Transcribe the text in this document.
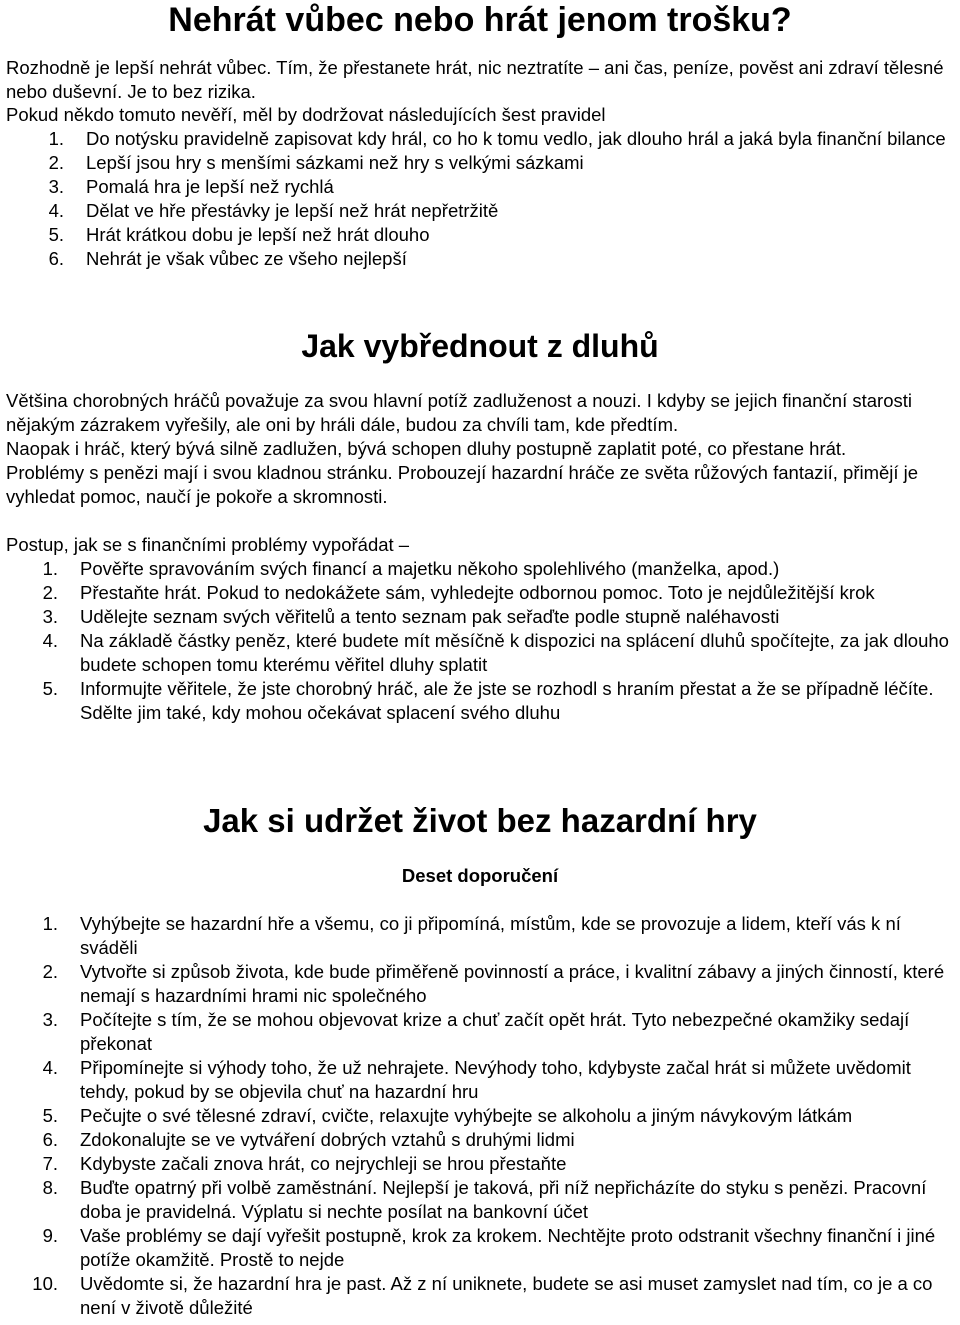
Nehrát vůbec nebo hrát jenom trošku?

Rozhodně je lepší nehrát vůbec. Tím, že přestanete hrát, nic neztratíte – ani čas, peníze, pověst ani zdraví tělesné nebo duševní. Je to bez rizika.

Pokud někdo tomuto nevěří, měl by dodržovat následujících šest pravidel

1. Do notýsku pravidelně zapisovat kdy hrál, co ho k tomu vedlo, jak dlouho hrál a jaká byla finanční bilance
2. Lepší jsou hry s menšími sázkami než hry s velkými sázkami
3. Pomalá hra je lepší než rychlá
4. Dělat ve hře přestávky je lepší než hrát nepřetržitě
5. Hrát krátkou dobu je lepší než hrát dlouho
6. Nehrát je však vůbec ze všeho nejlepší
Jak vybřednout z dluhů

Většina chorobných hráčů považuje za svou hlavní potíž zadluženost a nouzi. I kdyby se jejich finanční starosti nějakým zázrakem vyřešily, ale oni by hráli dále, budou za chvíli tam, kde předtím.

Naopak i hráč, který bývá silně zadlužen, bývá schopen dluhy postupně zaplatit poté, co přestane hrát.

Problémy s penězi mají i svou kladnou stránku. Probouzejí hazardní hráče ze světa růžových fantazií, přimějí je vyhledat pomoc, naučí je pokoře a skromnosti.

Postup, jak se s finančními problémy vypořádat –

1. Pověřte spravováním svých financí a majetku někoho spolehlivého (manželka, apod.)
2. Přestaňte hrát. Pokud to nedokážete sám, vyhledejte odbornou pomoc. Toto je nejdůležitější krok
3. Udělejte seznam svých věřitelů a tento seznam pak seřaďte podle stupně naléhavosti
4. Na základě částky peněz, které budete mít měsíčně k dispozici na splácení dluhů spočítejte, za jak dlouho budete schopen tomu kterému věřitel dluhy splatit
5. Informujte věřitele, že jste chorobný hráč, ale že jste se rozhodl s hraním přestat a že se případně léčíte. Sdělte jim také, kdy mohou očekávat splacení svého dluhu
Jak si udržet život bez hazardní hry
Deset doporučení
1. Vyhýbejte se hazardní hře a všemu, co ji připomíná, místům, kde se provozuje a lidem, kteří vás k ní sváděli
2. Vytvořte si způsob života, kde bude přiměřeně povinností a práce, i kvalitní zábavy a jiných činností, které nemají s hazardními hrami nic společného
3. Počítejte s tím, že se mohou objevovat krize a chuť začít opět hrát. Tyto nebezpečné okamžiky sedají překonat
4. Připomínejte si výhody toho, že už nehrajete. Nevýhody toho, kdybyste začal hrát si můžete uvědomit tehdy, pokud by se objevila chuť na hazardní hru
5. Pečujte o své tělesné zdraví, cvičte, relaxujte vyhýbejte se alkoholu a jiným návykovým látkám
6. Zdokonalujte se ve vytváření dobrých vztahů s druhými lidmi
7. Kdybyste začali znova hrát, co nejrychleji se hrou přestaňte
8. Buďte opatrný při volbě zaměstnání. Nejlepší je taková, při níž nepřicházíte do styku s penězi. Pracovní doba je pravidelná. Výplatu si nechte posílat na bankovní účet
9. Vaše problémy se dají vyřešit postupně, krok za krokem. Nechtějte proto odstranit všechny finanční i jiné potíže okamžitě. Prostě to nejde
10. Uvědomte si, že hazardní hra je past. Až z ní uniknete, budete se asi muset zamyslet nad tím, co je a co není v životě důležité
